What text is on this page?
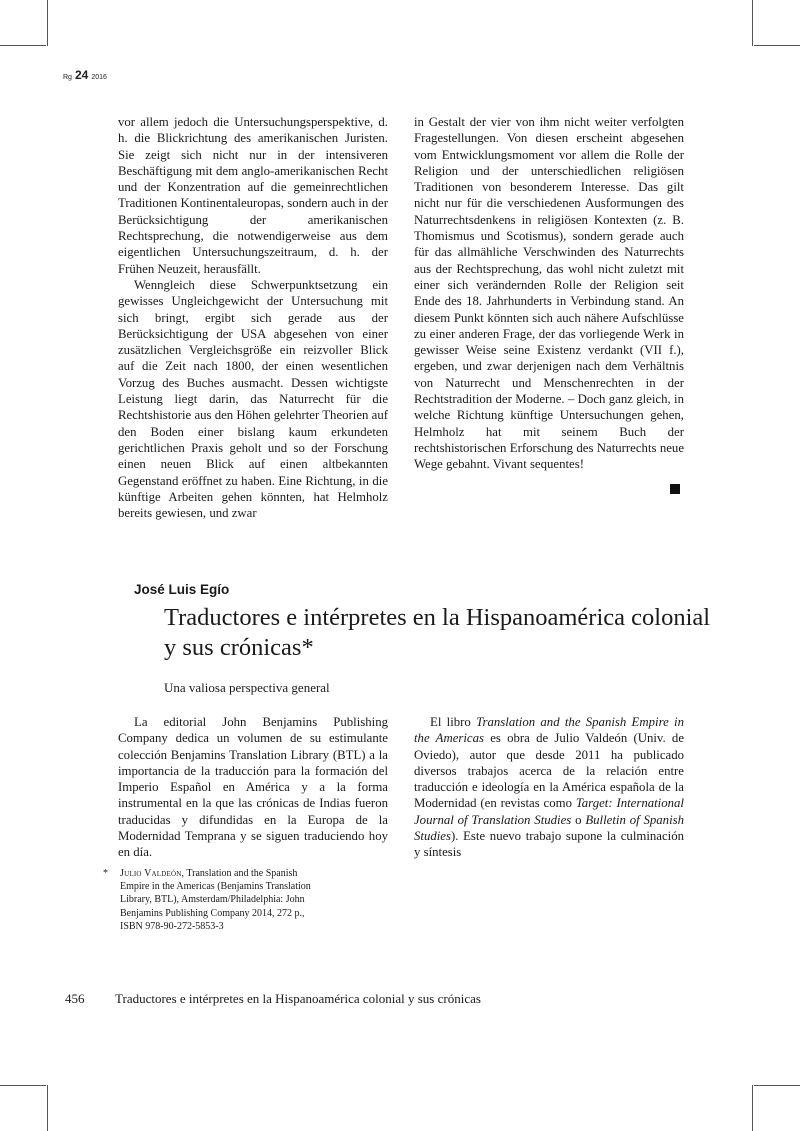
Rg 24 2016

vor allem jedoch die Untersuchungsperspektive, d. h. die Blickrichtung des amerikanischen Juristen. Sie zeigt sich nicht nur in der intensiveren Beschäftigung mit dem anglo-amerikanischen Recht und der Konzentration auf die gemeinrechtlichen Traditionen Kontinentaleuropas, sondern auch in der Berücksichtigung der amerikanischen Rechtsprechung, die notwendigerweise aus dem eigentlichen Untersuchungszeitraum, d. h. der Frühen Neuzeit, herausfällt.

Wenngleich diese Schwerpunktsetzung ein gewisses Ungleichgewicht der Untersuchung mit sich bringt, ergibt sich gerade aus der Berücksichtigung der USA abgesehen von einer zusätzlichen Vergleichsgröße ein reizvoller Blick auf die Zeit nach 1800, der einen wesentlichen Vorzug des Buches ausmacht. Dessen wichtigste Leistung liegt darin, das Naturrecht für die Rechtshistorie aus den Höhen gelehrter Theorien auf den Boden einer bislang kaum erkundeten gerichtlichen Praxis geholt und so der Forschung einen neuen Blick auf einen altbekannten Gegenstand eröffnet zu haben. Eine Richtung, in die künftige Arbeiten gehen könnten, hat Helmholz bereits gewiesen, und zwar

in Gestalt der vier von ihm nicht weiter verfolgten Fragestellungen. Von diesen erscheint abgesehen vom Entwicklungsmoment vor allem die Rolle der Religion und der unterschiedlichen religiösen Traditionen von besonderem Interesse. Das gilt nicht nur für die verschiedenen Ausformungen des Naturrechtsdenkens in religiösen Kontexten (z. B. Thomismus und Scotismus), sondern gerade auch für das allmähliche Verschwinden des Naturrechts aus der Rechtsprechung, das wohl nicht zuletzt mit einer sich verändernden Rolle der Religion seit Ende des 18. Jahrhunderts in Verbindung stand. An diesem Punkt könnten sich auch nähere Aufschlüsse zu einer anderen Frage, der das vorliegende Werk in gewisser Weise seine Existenz verdankt (VII f.), ergeben, und zwar derjenigen nach dem Verhältnis von Naturrecht und Menschenrechten in der Rechtstradition der Moderne. – Doch ganz gleich, in welche Richtung künftige Untersuchungen gehen, Helmholz hat mit seinem Buch der rechtshistorischen Erforschung des Naturrechts neue Wege gebahnt. Vivant sequentes!

José Luis Egío
Traductores e intérpretes en la Hispanoamérica colonial y sus crónicas*
Una valiosa perspectiva general

La editorial John Benjamins Publishing Company dedica un volumen de su estimulante colección Benjamins Translation Library (BTL) a la importancia de la traducción para la formación del Imperio Español en América y a la forma instrumental en la que las crónicas de Indias fueron traducidas y difundidas en la Europa de la Modernidad Temprana y se siguen traduciendo hoy en día.

El libro Translation and the Spanish Empire in the Americas es obra de Julio Valdeón (Univ. de Oviedo), autor que desde 2011 ha publicado diversos trabajos acerca de la relación entre traducción e ideología en la América española de la Modernidad (en revistas como Target: International Journal of Translation Studies o Bulletin of Spanish Studies). Este nuevo trabajo supone la culminación y síntesis

*	Julio Valdeón, Translation and the Spanish Empire in the Americas (Benjamins Translation Library, BTL), Amsterdam/Philadelphia: John Benjamins Publishing Company 2014, 272 p., ISBN 978-90-272-5853-3
456 Traductores e intérpretes en la Hispanoamérica colonial y sus crónicas
